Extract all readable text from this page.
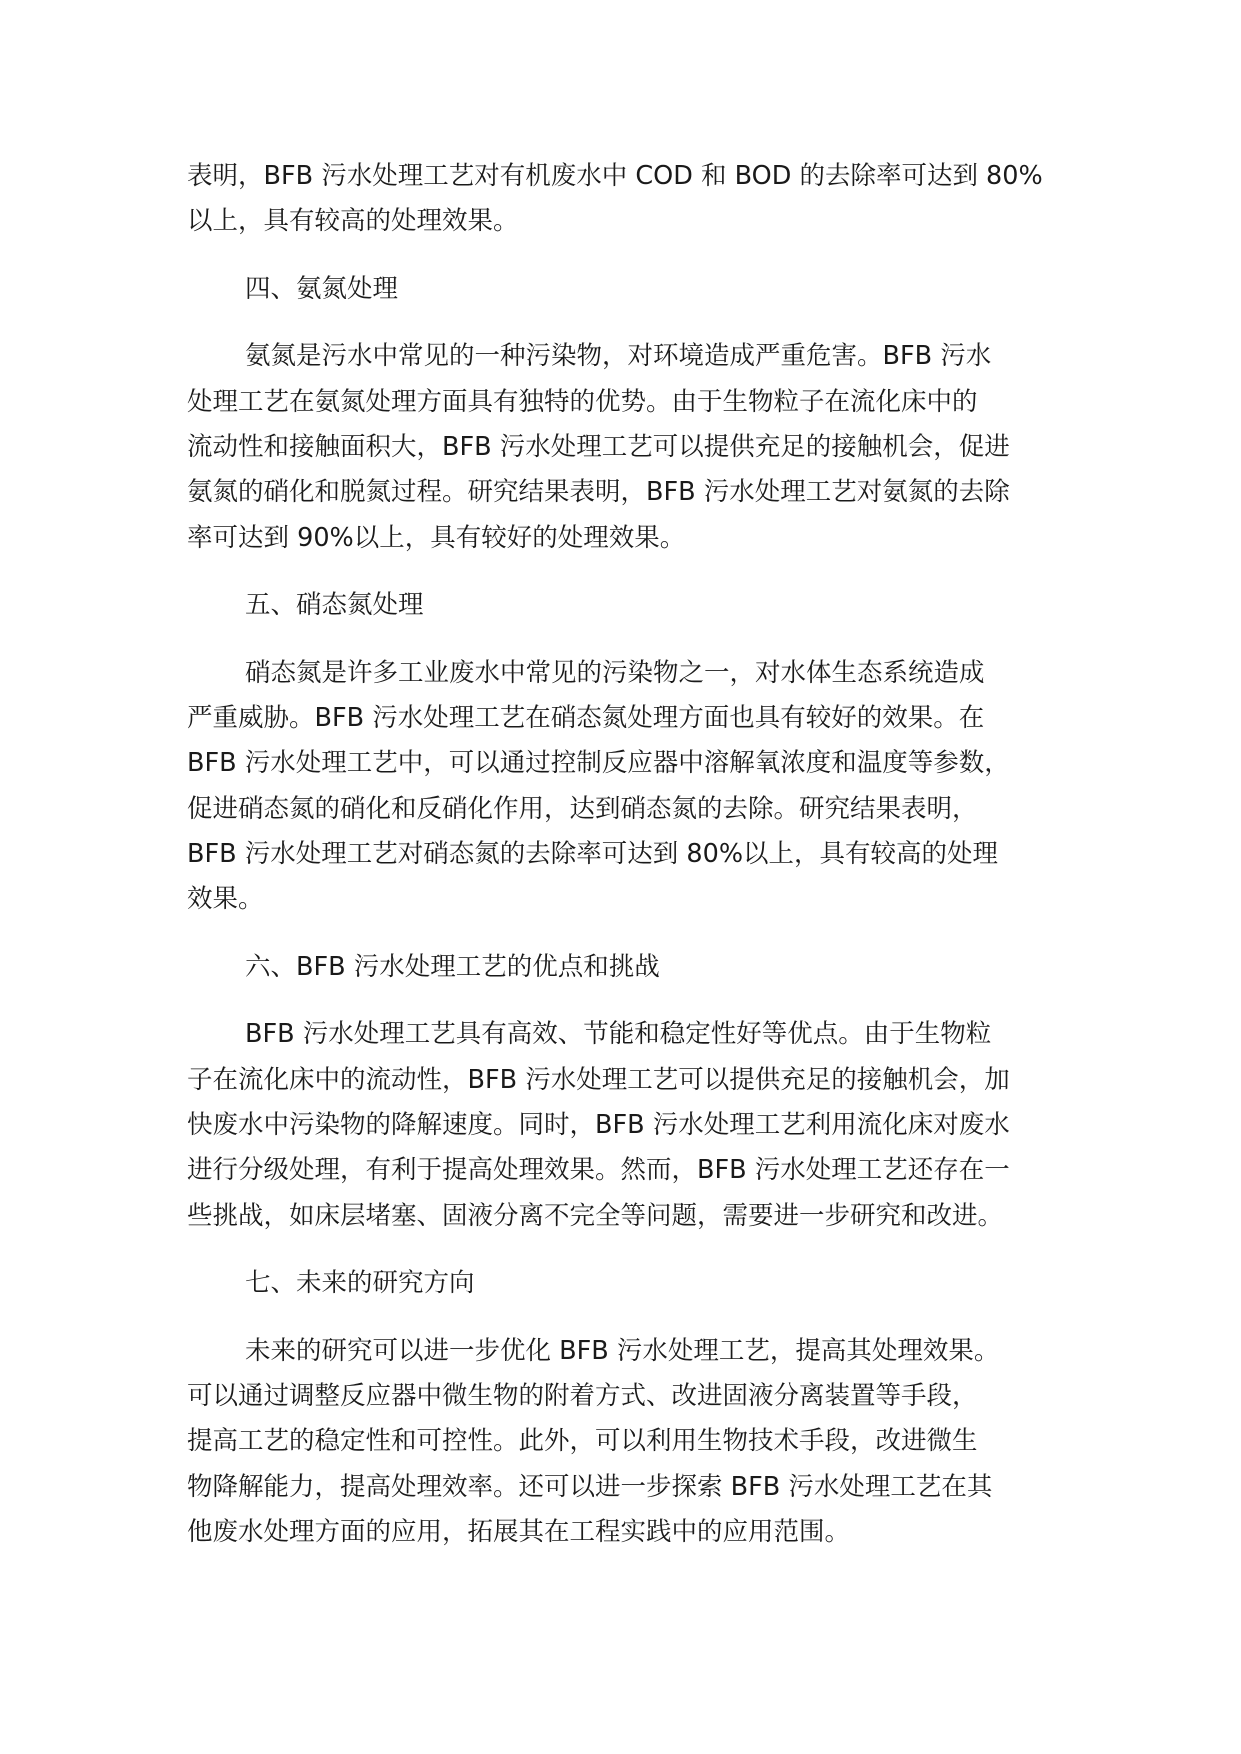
表明，BFB 污水处理工艺对有机废水中 COD 和 BOD 的去除率可达到 80%

以上，具有较高的处理效果。

四、氨氮处理

氨氮是污水中常见的一种污染物，对环境造成严重危害。BFB 污水

处理工艺在氨氮处理方面具有独特的优势。由于生物粒子在流化床中的

流动性和接触面积大，BFB 污水处理工艺可以提供充足的接触机会，促进

氨氮的硝化和脱氮过程。研究结果表明，BFB 污水处理工艺对氨氮的去除

率可达到 90%以上，具有较好的处理效果。

五、硝态氮处理

硝态氮是许多工业废水中常见的污染物之一，对水体生态系统造成

严重威胁。BFB 污水处理工艺在硝态氮处理方面也具有较好的效果。在

BFB 污水处理工艺中，可以通过控制反应器中溶解氧浓度和温度等参数，

促进硝态氮的硝化和反硝化作用，达到硝态氮的去除。研究结果表明，

BFB 污水处理工艺对硝态氮的去除率可达到 80%以上，具有较高的处理

效果。

六、BFB 污水处理工艺的优点和挑战

BFB 污水处理工艺具有高效、节能和稳定性好等优点。由于生物粒

子在流化床中的流动性，BFB 污水处理工艺可以提供充足的接触机会，加

快废水中污染物的降解速度。同时，BFB 污水处理工艺利用流化床对废水

进行分级处理，有利于提高处理效果。然而，BFB 污水处理工艺还存在一

些挑战，如床层堵塞、固液分离不完全等问题，需要进一步研究和改进。

七、未来的研究方向

未来的研究可以进一步优化 BFB 污水处理工艺，提高其处理效果。

可以通过调整反应器中微生物的附着方式、改进固液分离装置等手段，

提高工艺的稳定性和可控性。此外，可以利用生物技术手段，改进微生

物降解能力，提高处理效率。还可以进一步探索 BFB 污水处理工艺在其

他废水处理方面的应用，拓展其在工程实践中的应用范围。
